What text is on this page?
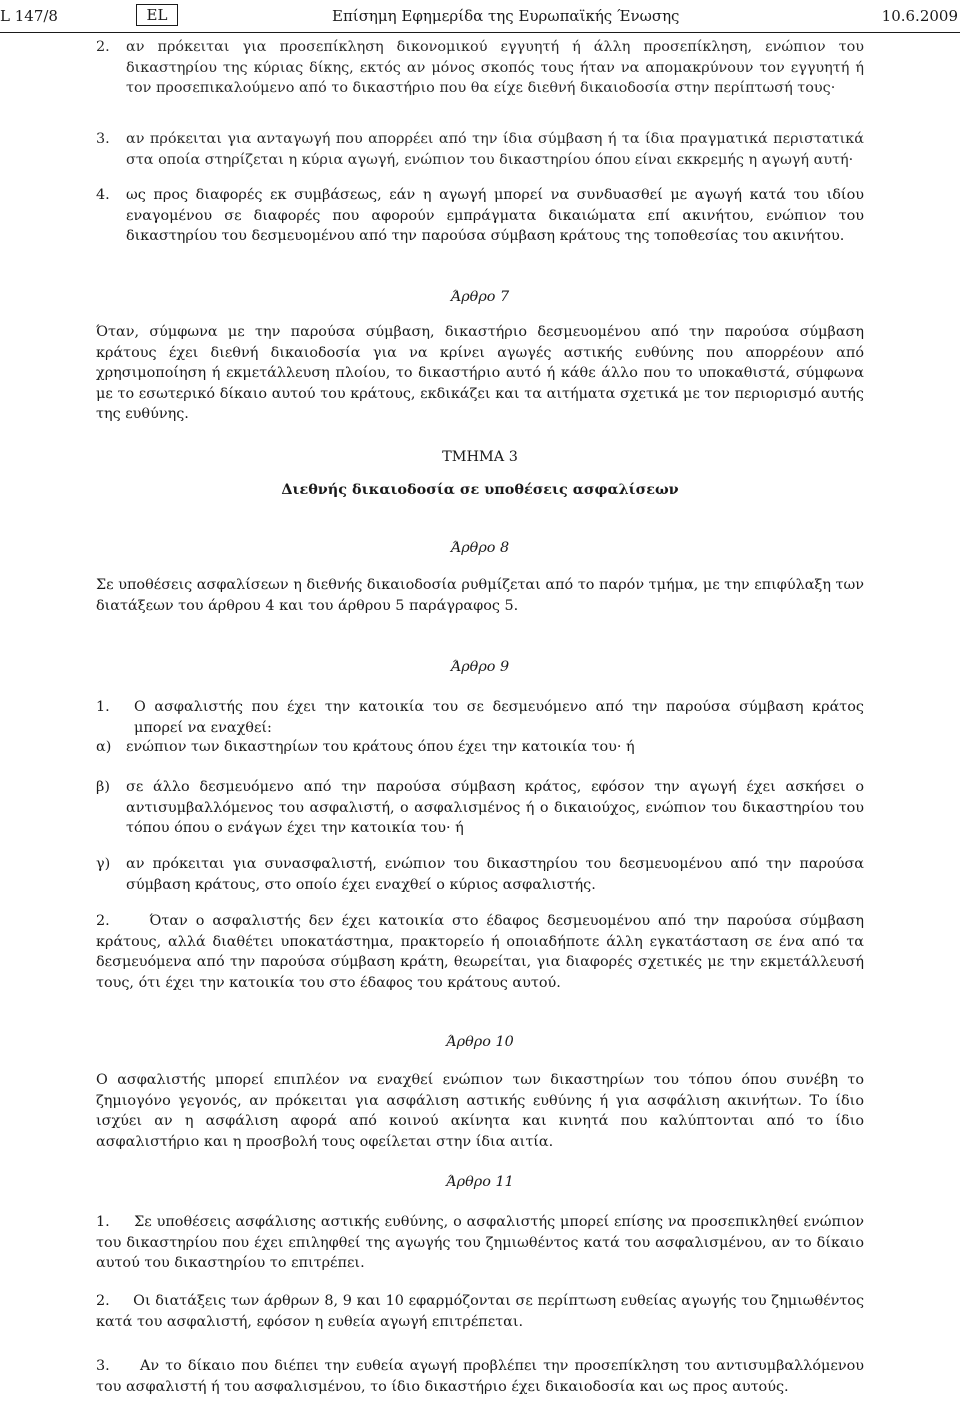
L 147/8	EL	Επίσημη Εφημερίδα της Ευρωπαϊκής Ένωσης	10.6.2009
2. αν πρόκειται για προσεπίκληση δικονομικού εγγυητή ή άλλη προσεπίκληση, ενώπιον του δικαστηρίου της κύριας δίκης, εκτός αν μόνος σκοπός τους ήταν να απομακρύνουν τον εγγυητή ή τον προσεπικαλούμενο από το δικαστήριο που θα είχε διεθνή δικαιοδοσία στην περίπτωσή τους·
3. αν πρόκειται για ανταγωγή που απορρέει από την ίδια σύμβαση ή τα ίδια πραγματικά περιστατικά στα οποία στηρίζεται η κύρια αγωγή, ενώπιον του δικαστηρίου όπου είναι εκκρεμής η αγωγή αυτή·
4. ως προς διαφορές εκ συμβάσεως, εάν η αγωγή μπορεί να συνδυασθεί με αγωγή κατά του ιδίου εναγομένου σε διαφορές που αφορούν εμπράγματα δικαιώματα επί ακινήτου, ενώπιον του δικαστηρίου του δεσμευομένου από την παρούσα σύμβαση κράτους της τοποθεσίας του ακινήτου.
Άρθρο 7
Όταν, σύμφωνα με την παρούσα σύμβαση, δικαστήριο δεσμευομένου από την παρούσα σύμβαση κράτους έχει διεθνή δικαιοδοσία για να κρίνει αγωγές αστικής ευθύνης που απορρέουν από χρησιμοποίηση ή εκμετάλλευση πλοίου, το δικαστήριο αυτό ή κάθε άλλο που το υποκαθιστά, σύμφωνα με το εσωτερικό δίκαιο αυτού του κράτους, εκδικάζει και τα αιτήματα σχετικά με τον περιορισμό αυτής της ευθύνης.
ΤΜΗΜΑ 3
Διεθνής δικαιοδοσία σε υποθέσεις ασφαλίσεων
Άρθρο 8
Σε υποθέσεις ασφαλίσεων η διεθνής δικαιοδοσία ρυθμίζεται από το παρόν τμήμα, με την επιφύλαξη των διατάξεων του άρθρου 4 και του άρθρου 5 παράγραφος 5.
Άρθρο 9
1. Ο ασφαλιστής που έχει την κατοικία του σε δεσμευόμενο από την παρούσα σύμβαση κράτος μπορεί να εναχθεί:
α) ενώπιον των δικαστηρίων του κράτους όπου έχει την κατοικία του· ή
β) σε άλλο δεσμευόμενο από την παρούσα σύμβαση κράτος, εφόσον την αγωγή έχει ασκήσει ο αντισυμβαλλόμενος του ασφαλιστή, ο ασφαλισμένος ή ο δικαιούχος, ενώπιον του δικαστηρίου του τόπου όπου ο ενάγων έχει την κατοικία του· ή
γ) αν πρόκειται για συνασφαλιστή, ενώπιον του δικαστηρίου του δεσμευομένου από την παρούσα σύμβαση κράτους, στο οποίο έχει εναχθεί ο κύριος ασφαλιστής.
2.	Όταν ο ασφαλιστής δεν έχει κατοικία στο έδαφος δεσμευομένου από την παρούσα σύμβαση κράτους, αλλά διαθέτει υποκατάστημα, πρακτορείο ή οποιαδήποτε άλλη εγκατάσταση σε ένα από τα δεσμευόμενα από την παρούσα σύμβαση κράτη, θεωρείται, για διαφορές σχετικές με την εκμετάλλευσή τους, ότι έχει την κατοικία του στο έδαφος του κράτους αυτού.
Άρθρο 10
Ο ασφαλιστής μπορεί επιπλέον να εναχθεί ενώπιον των δικαστηρίων του τόπου όπου συνέβη το ζημιογόνο γεγονός, αν πρόκειται για ασφάλιση αστικής ευθύνης ή για ασφάλιση ακινήτων. Το ίδιο ισχύει αν η ασφάλιση αφορά από κοινού ακίνητα και κινητά που καλύπτονται από το ίδιο ασφαλιστήριο και η προσβολή τους οφείλεται στην ίδια αιτία.
Άρθρο 11
1. Σε υποθέσεις ασφάλισης αστικής ευθύνης, ο ασφαλιστής μπορεί επίσης να προσεπικληθεί ενώπιον του δικαστηρίου που έχει επιληφθεί της αγωγής του ζημιωθέντος κατά του ασφαλισμένου, αν το δίκαιο αυτού του δικαστηρίου το επιτρέπει.
2. Οι διατάξεις των άρθρων 8, 9 και 10 εφαρμόζονται σε περίπτωση ευθείας αγωγής του ζημιωθέντος κατά του ασφαλιστή, εφόσον η ευθεία αγωγή επιτρέπεται.
3. Αν το δίκαιο που διέπει την ευθεία αγωγή προβλέπει την προσεπίκληση του αντισυμβαλλόμενου του ασφαλιστή ή του ασφαλισμένου, το ίδιο δικαστήριο έχει δικαιοδοσία και ως προς αυτούς.
